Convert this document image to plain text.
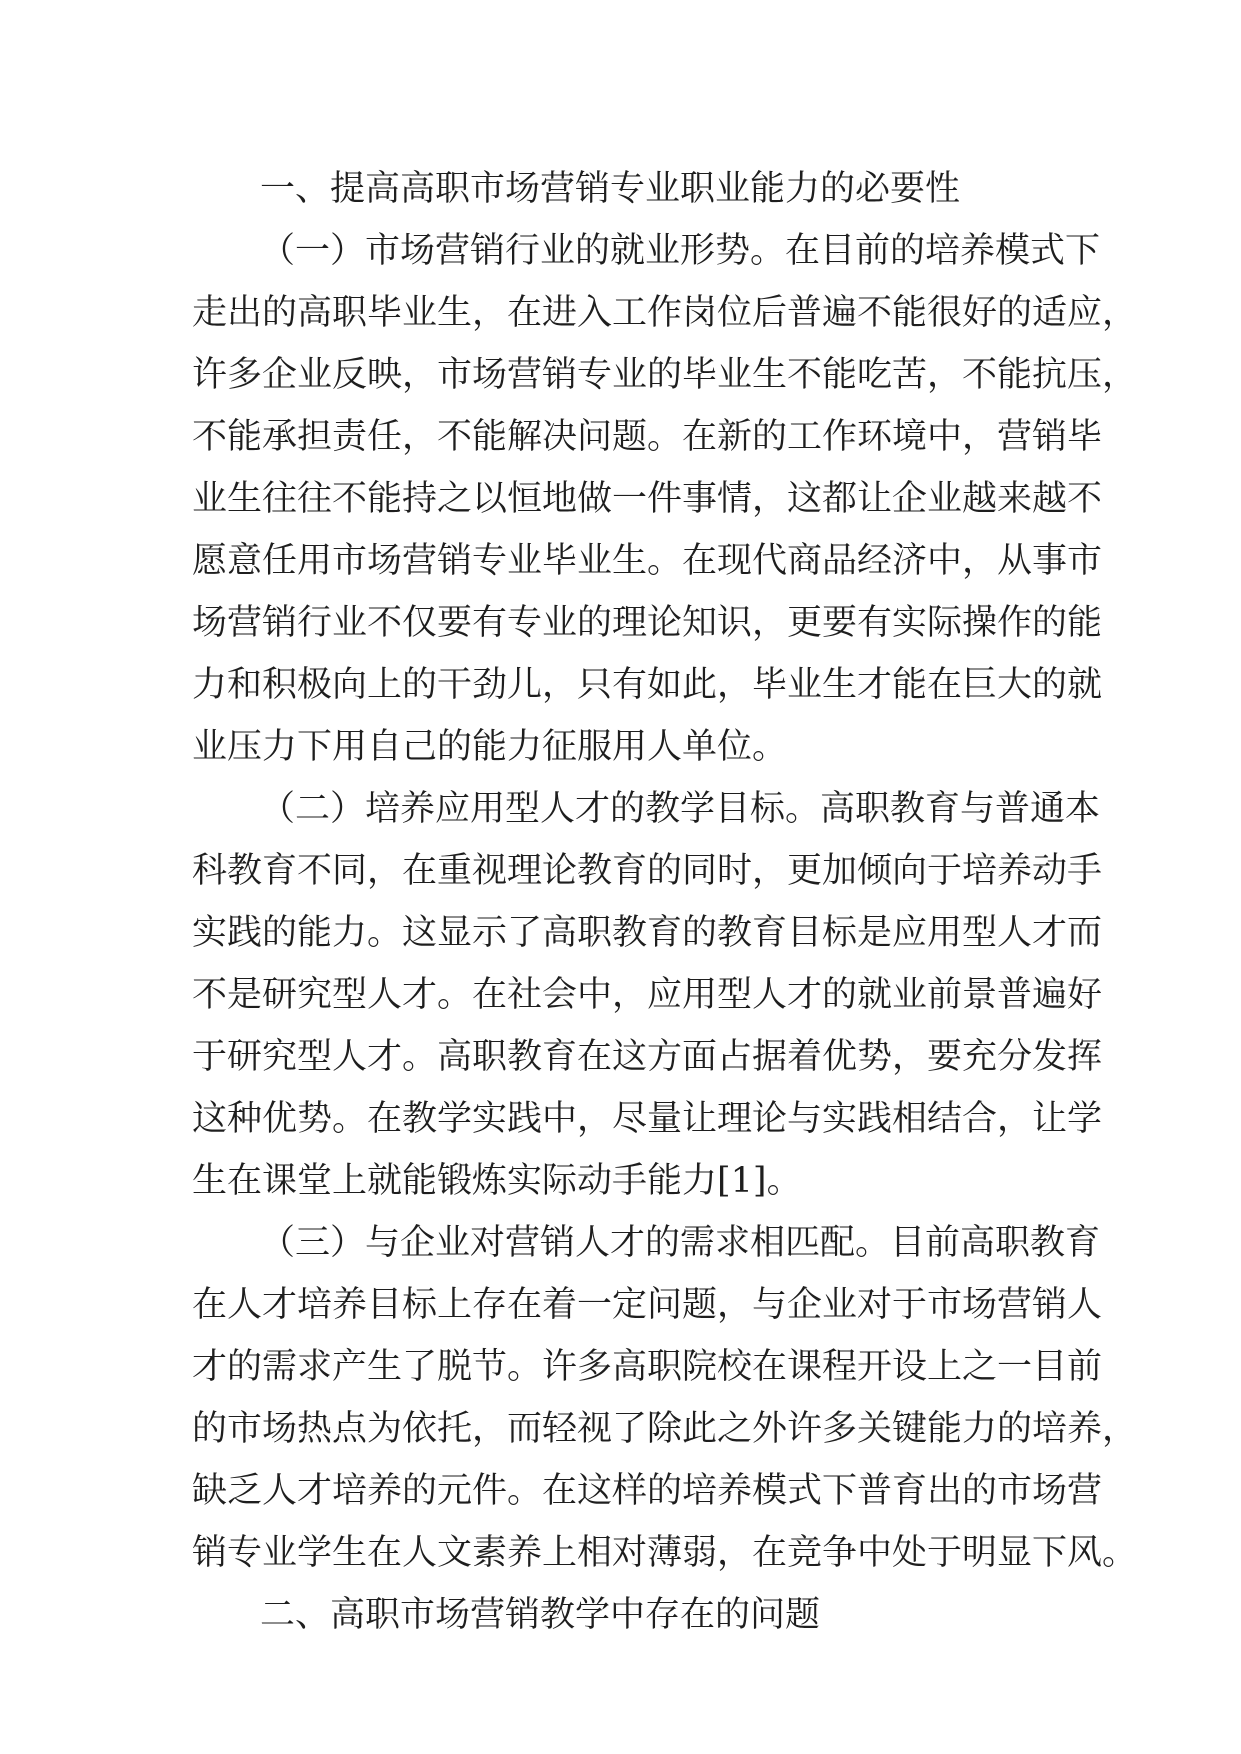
一、提高高职市场营销专业职业能力的必要性

（一）市场营销行业的就业形势。在目前的培养模式下
走出的高职毕业生，在进入工作岗位后普遍不能很好的适应，
许多企业反映，市场营销专业的毕业生不能吃苦，不能抗压，
不能承担责任，不能解决问题。在新的工作环境中，营销毕
业生往往不能持之以恒地做一件事情，这都让企业越来越不
愿意任用市场营销专业毕业生。在现代商品经济中，从事市
场营销行业不仅要有专业的理论知识，更要有实际操作的能
力和积极向上的干劲儿，只有如此，毕业生才能在巨大的就
业压力下用自己的能力征服用人单位。

（二）培养应用型人才的教学目标。高职教育与普通本
科教育不同，在重视理论教育的同时，更加倾向于培养动手
实践的能力。这显示了高职教育的教育目标是应用型人才而
不是研究型人才。在社会中，应用型人才的就业前景普遍好
于研究型人才。高职教育在这方面占据着优势，要充分发挥
这种优势。在教学实践中，尽量让理论与实践相结合，让学
生在课堂上就能锻炼实际动手能力[1]。

（三）与企业对营销人才的需求相匹配。目前高职教育
在人才培养目标上存在着一定问题，与企业对于市场营销人
才的需求产生了脱节。许多高职院校在课程开设上之一目前
的市场热点为依托，而轻视了除此之外许多关键能力的培养，
缺乏人才培养的元件。在这样的培养模式下普育出的市场营
销专业学生在人文素养上相对薄弱，在竞争中处于明显下风。

二、高职市场营销教学中存在的问题
